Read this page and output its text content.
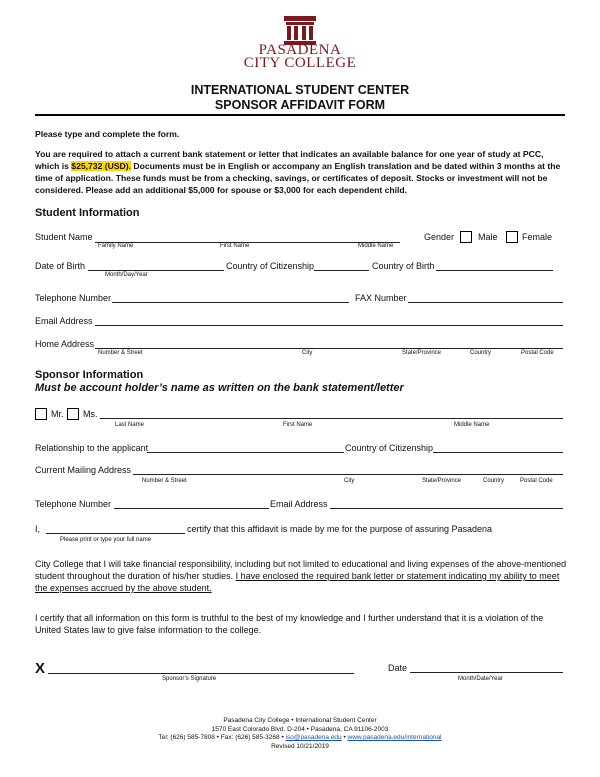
PASADENA
CITY COLLEGE
INTERNATIONAL STUDENT CENTER
SPONSOR AFFIDAVIT FORM
Please type and complete the form.
You are required to attach a current bank statement or letter that indicates an available balance for one year of study at PCC, which is $25,732 (USD). Documents must be in English or accompany an English translation and be dated within 3 months at the time of application. These funds must be from a checking, savings, or certificates of deposit. Stocks or investment will not be considered. Please add an additional $5,000 for spouse or $3,000 for each dependent child.
Student Information
Student Name
Family Name	First Name	Middle Name
Gender	Male	Female
Date of Birth
Month/Day/Year
Country of Citizenship	Country of Birth
Telephone Number	FAX Number
Email Address
Home Address
Number & Street	City	State/Province	Country	Postal Code
Sponsor Information
Must be account holder’s name as written on the bank statement/letter
Mr. Ms.
Last Name	First Name	Middle Name
Relationship to the applicant	Country of Citizenship
Current Mailing Address
Number & Street	City	State/Province	Country	Postal Code
Telephone Number	Email Address
I,	certify that this affidavit is made by me for the purpose of assuring Pasadena
Please print or type your full name
City College that I will take financial responsibility, including but not limited to educational and living expenses of the above-mentioned student throughout the duration of his/her studies. I have enclosed the required bank letter or statement indicating my ability to meet the expenses accrued by the above student.
I certify that all information on this form is truthful to the best of my knowledge and I further understand that it is a violation of the United States law to give false information to the college.
X
Sponsor’s Signature
Date
Month/Date/Year
Pasadena City College • International Student Center
1570 East Colorado Blvd. D-204 • Pasadena, CA 91106-2003
Tel: (626) 585-7808 • Fax: (626) 585-3268 • iso@pasadena.edu • www.pasadena.edu/international
Revised 10/21/2019
